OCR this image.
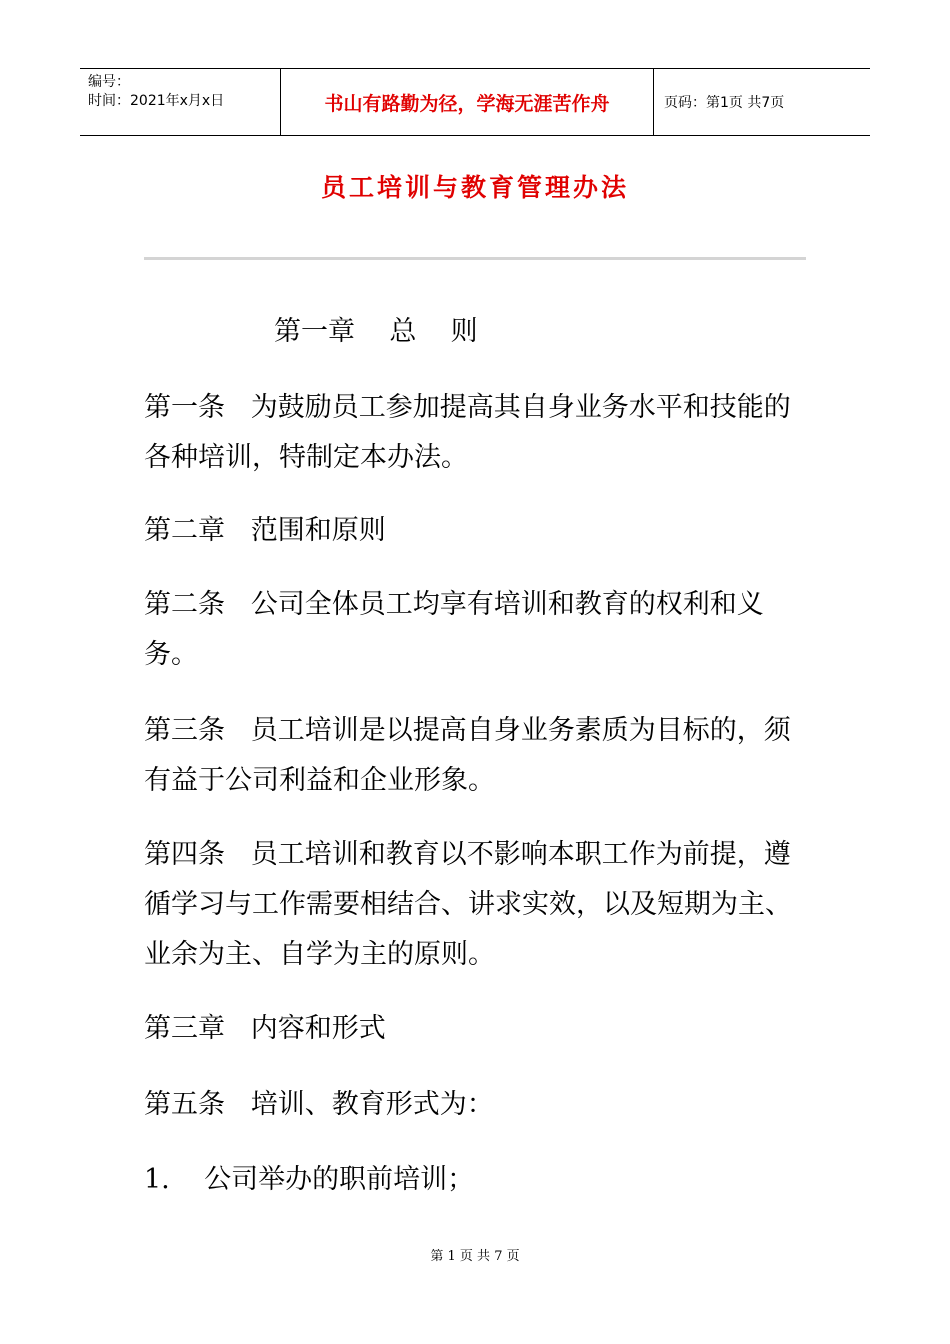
编号：
时间：2021年x月x日	书山有路勤为径，学海无涯苦作舟	页码：第1页 共7页
员工培训与教育管理办法
第一章    总    则
第一条   为鼓励员工参加提高其自身业务水平和技能的各种培训，特制定本办法。
第二章   范围和原则
第二条   公司全体员工均享有培训和教育的权利和义务。
第三条   员工培训是以提高自身业务素质为目标的，须有益于公司利益和企业形象。
第四条   员工培训和教育以不影响本职工作为前提，遵循学习与工作需要相结合、讲求实效，以及短期为主、业余为主、自学为主的原则。
第三章   内容和形式
第五条   培训、教育形式为：
1.    公司举办的职前培训；
第 1 页 共 7 页
